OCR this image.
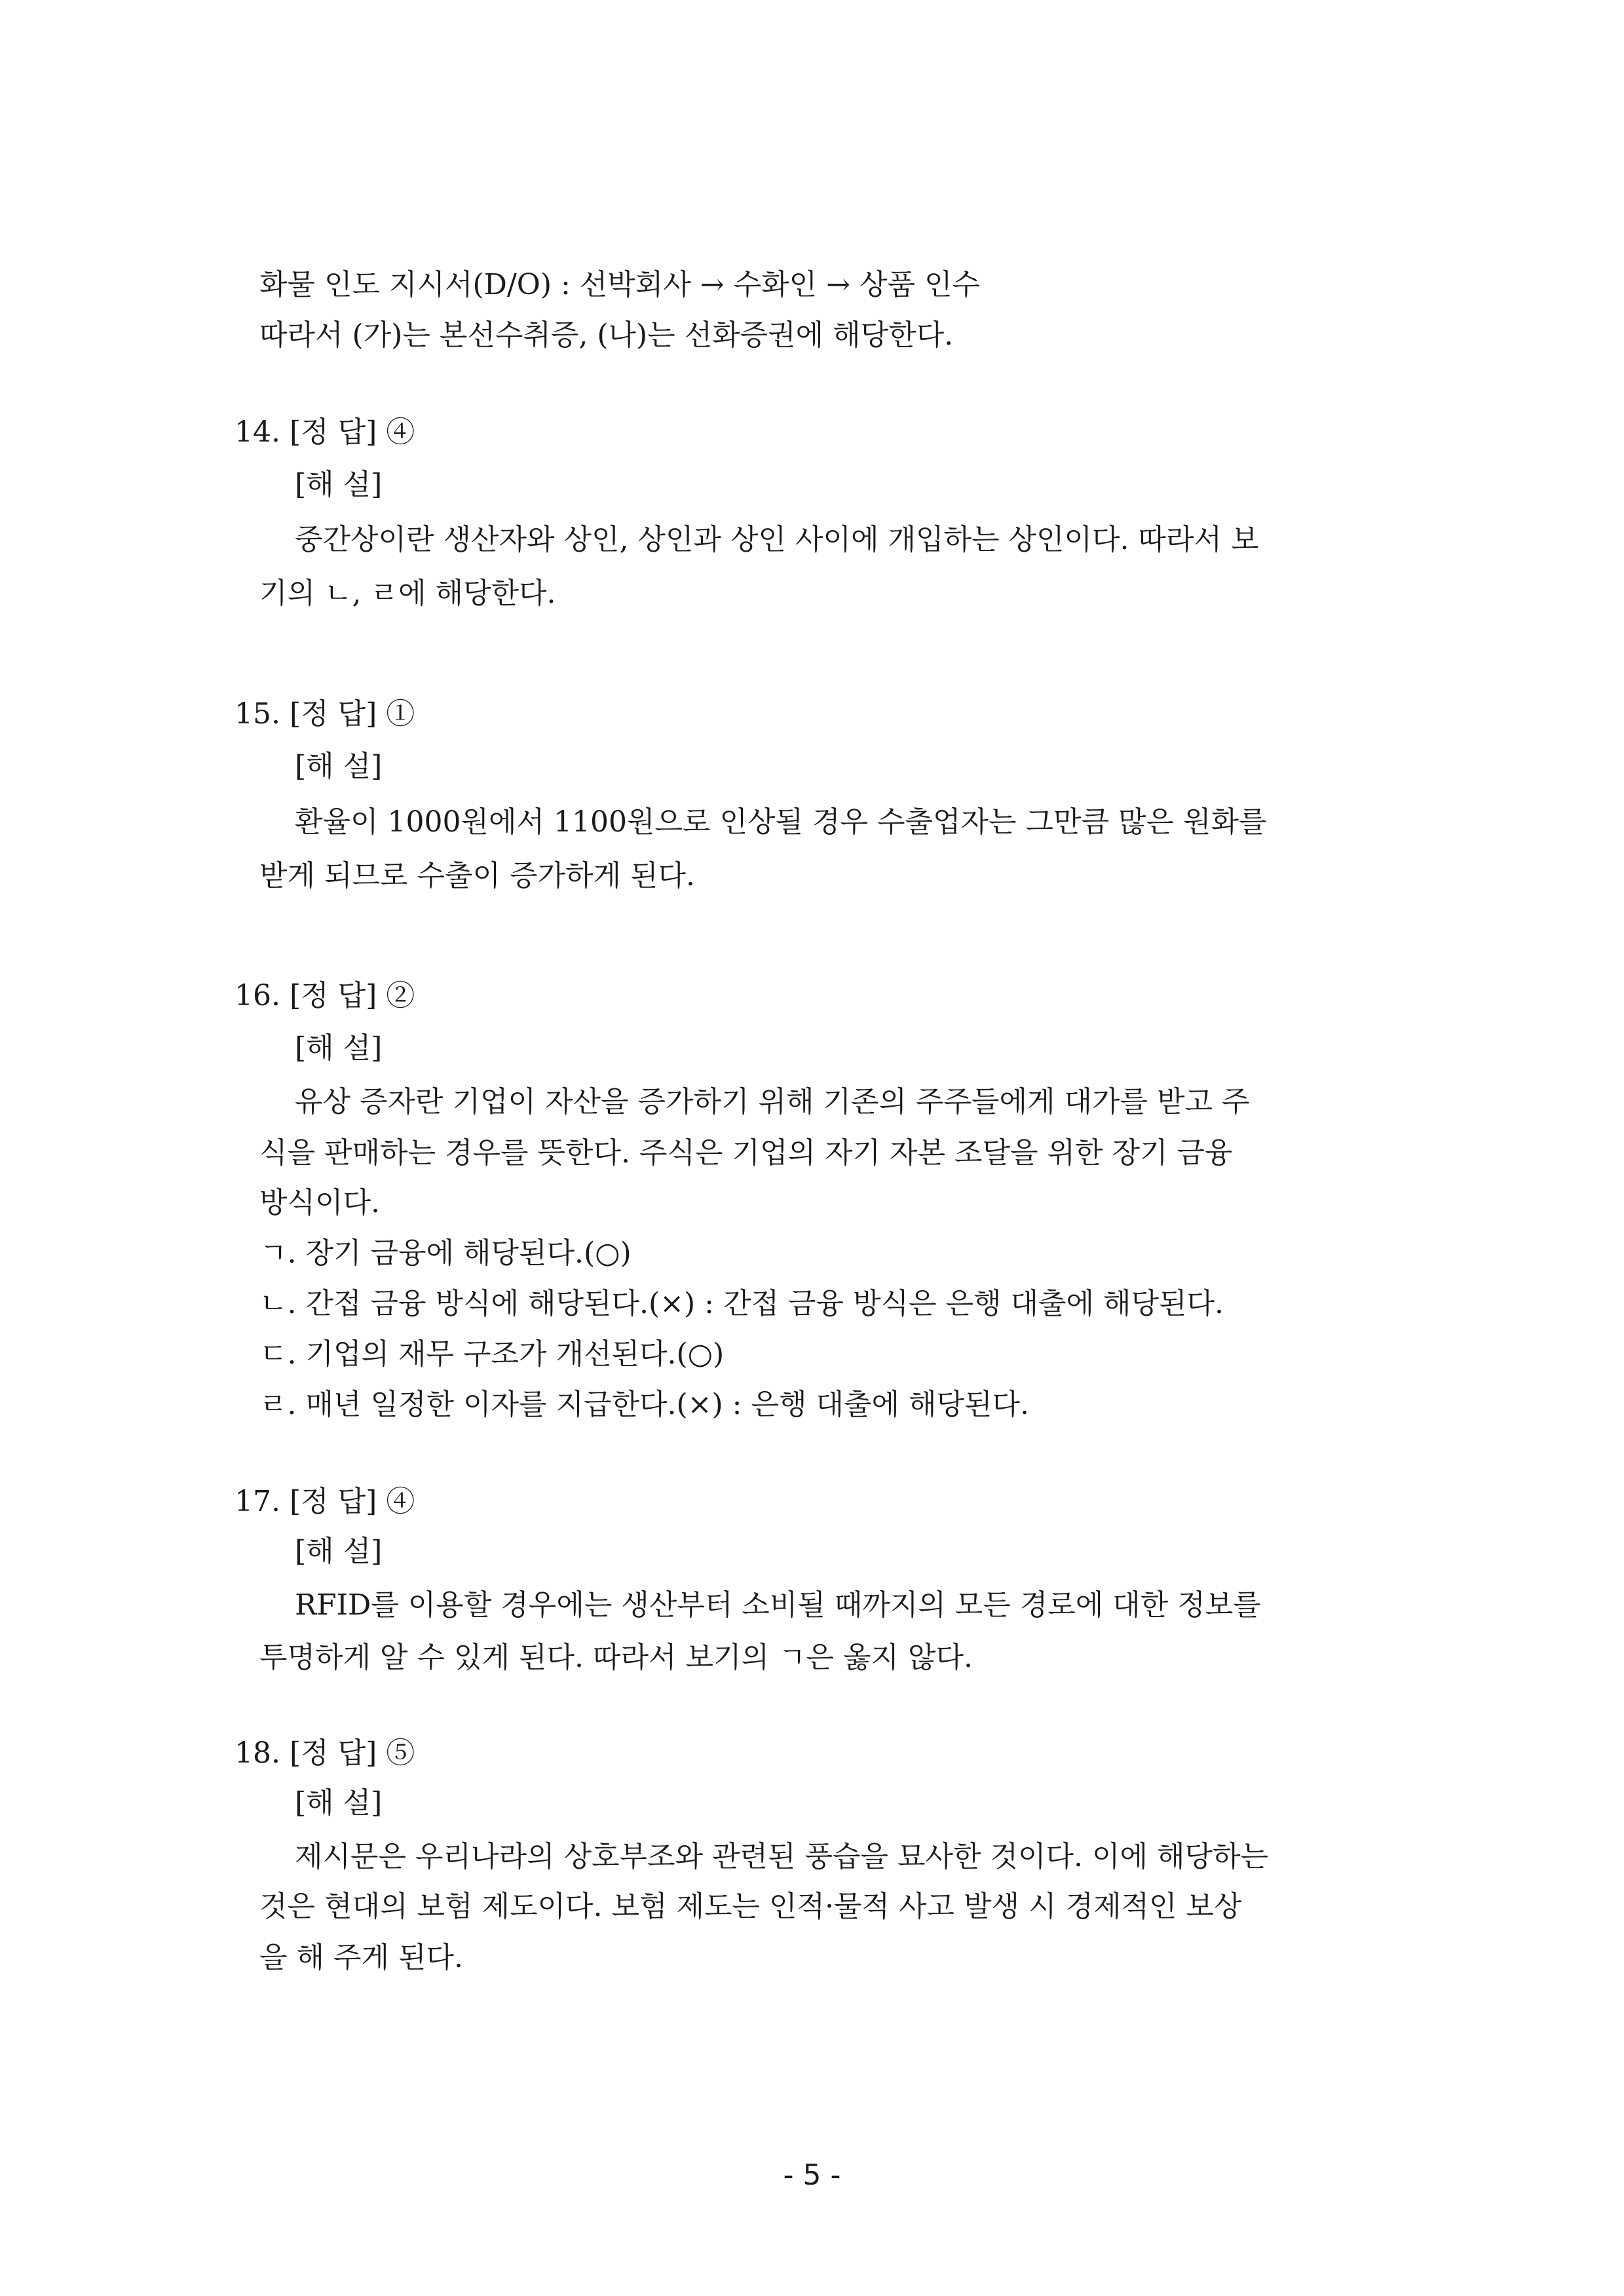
화물 인도 지시서(D/O) : 선박회사 → 수화인 → 상품 인수
따라서 (가)는 본선수취증, (나)는 선화증권에 해당한다.
14. [정 답] ④
[해 설]
중간상이란 생산자와 상인, 상인과 상인 사이에 개입하는 상인이다. 따라서 보
기의 ㄴ, ㄹ에 해당한다.
15. [정 답] ①
[해 설]
환율이 1000원에서 1100원으로 인상될 경우 수출업자는 그만큼 많은 원화를
받게 되므로 수출이 증가하게 된다.
16. [정 답] ②
[해 설]
유상 증자란 기업이 자산을 증가하기 위해 기존의 주주들에게 대가를 받고 주
식을 판매하는 경우를 뜻한다. 주식은 기업의 자기 자본 조달을 위한 장기 금융
방식이다.
ㄱ. 장기 금융에 해당된다.(○)
ㄴ. 간접 금융 방식에 해당된다.(×) : 간접 금융 방식은 은행 대출에 해당된다.
ㄷ. 기업의 재무 구조가 개선된다.(○)
ㄹ. 매년 일정한 이자를 지급한다.(×) : 은행 대출에 해당된다.
17. [정 답] ④
[해 설]
RFID를 이용할 경우에는 생산부터 소비될 때까지의 모든 경로에 대한 정보를
투명하게 알 수 있게 된다. 따라서 보기의 ㄱ은 옳지 않다.
18. [정 답] ⑤
[해 설]
제시문은 우리나라의 상호부조와 관련된 풍습을 묘사한 것이다. 이에 해당하는
것은 현대의 보험 제도이다. 보험 제도는 인적·물적 사고 발생 시 경제적인 보상
을 해 주게 된다.
- 5 -
